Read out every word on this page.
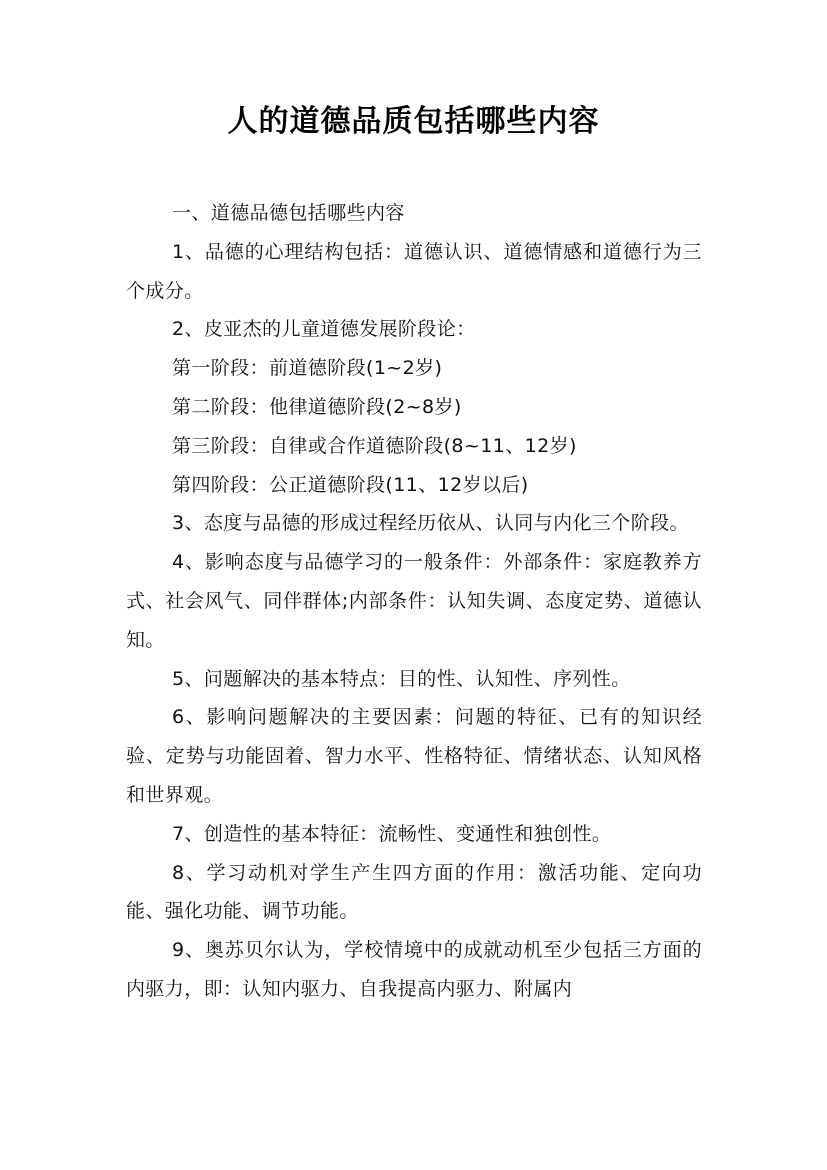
人的道德品质包括哪些内容

一、道德品德包括哪些内容

1、品德的心理结构包括：道德认识、道德情感和道德行为三个成分。

2、皮亚杰的儿童道德发展阶段论：

第一阶段：前道德阶段(1~2岁)

第二阶段：他律道德阶段(2~8岁)

第三阶段：自律或合作道德阶段(8~11、12岁)

第四阶段：公正道德阶段(11、12岁以后)

3、态度与品德的形成过程经历依从、认同与内化三个阶段。

4、影响态度与品德学习的一般条件：外部条件：家庭教养方式、社会风气、同伴群体;内部条件：认知失调、态度定势、道德认知。

5、问题解决的基本特点：目的性、认知性、序列性。

6、影响问题解决的主要因素：问题的特征、已有的知识经验、定势与功能固着、智力水平、性格特征、情绪状态、认知风格和世界观。

7、创造性的基本特征：流畅性、变通性和独创性。

8、学习动机对学生产生四方面的作用：激活功能、定向功能、强化功能、调节功能。

9、奥苏贝尔认为，学校情境中的成就动机至少包括三方面的内驱力，即：认知内驱力、自我提高内驱力、附属内
